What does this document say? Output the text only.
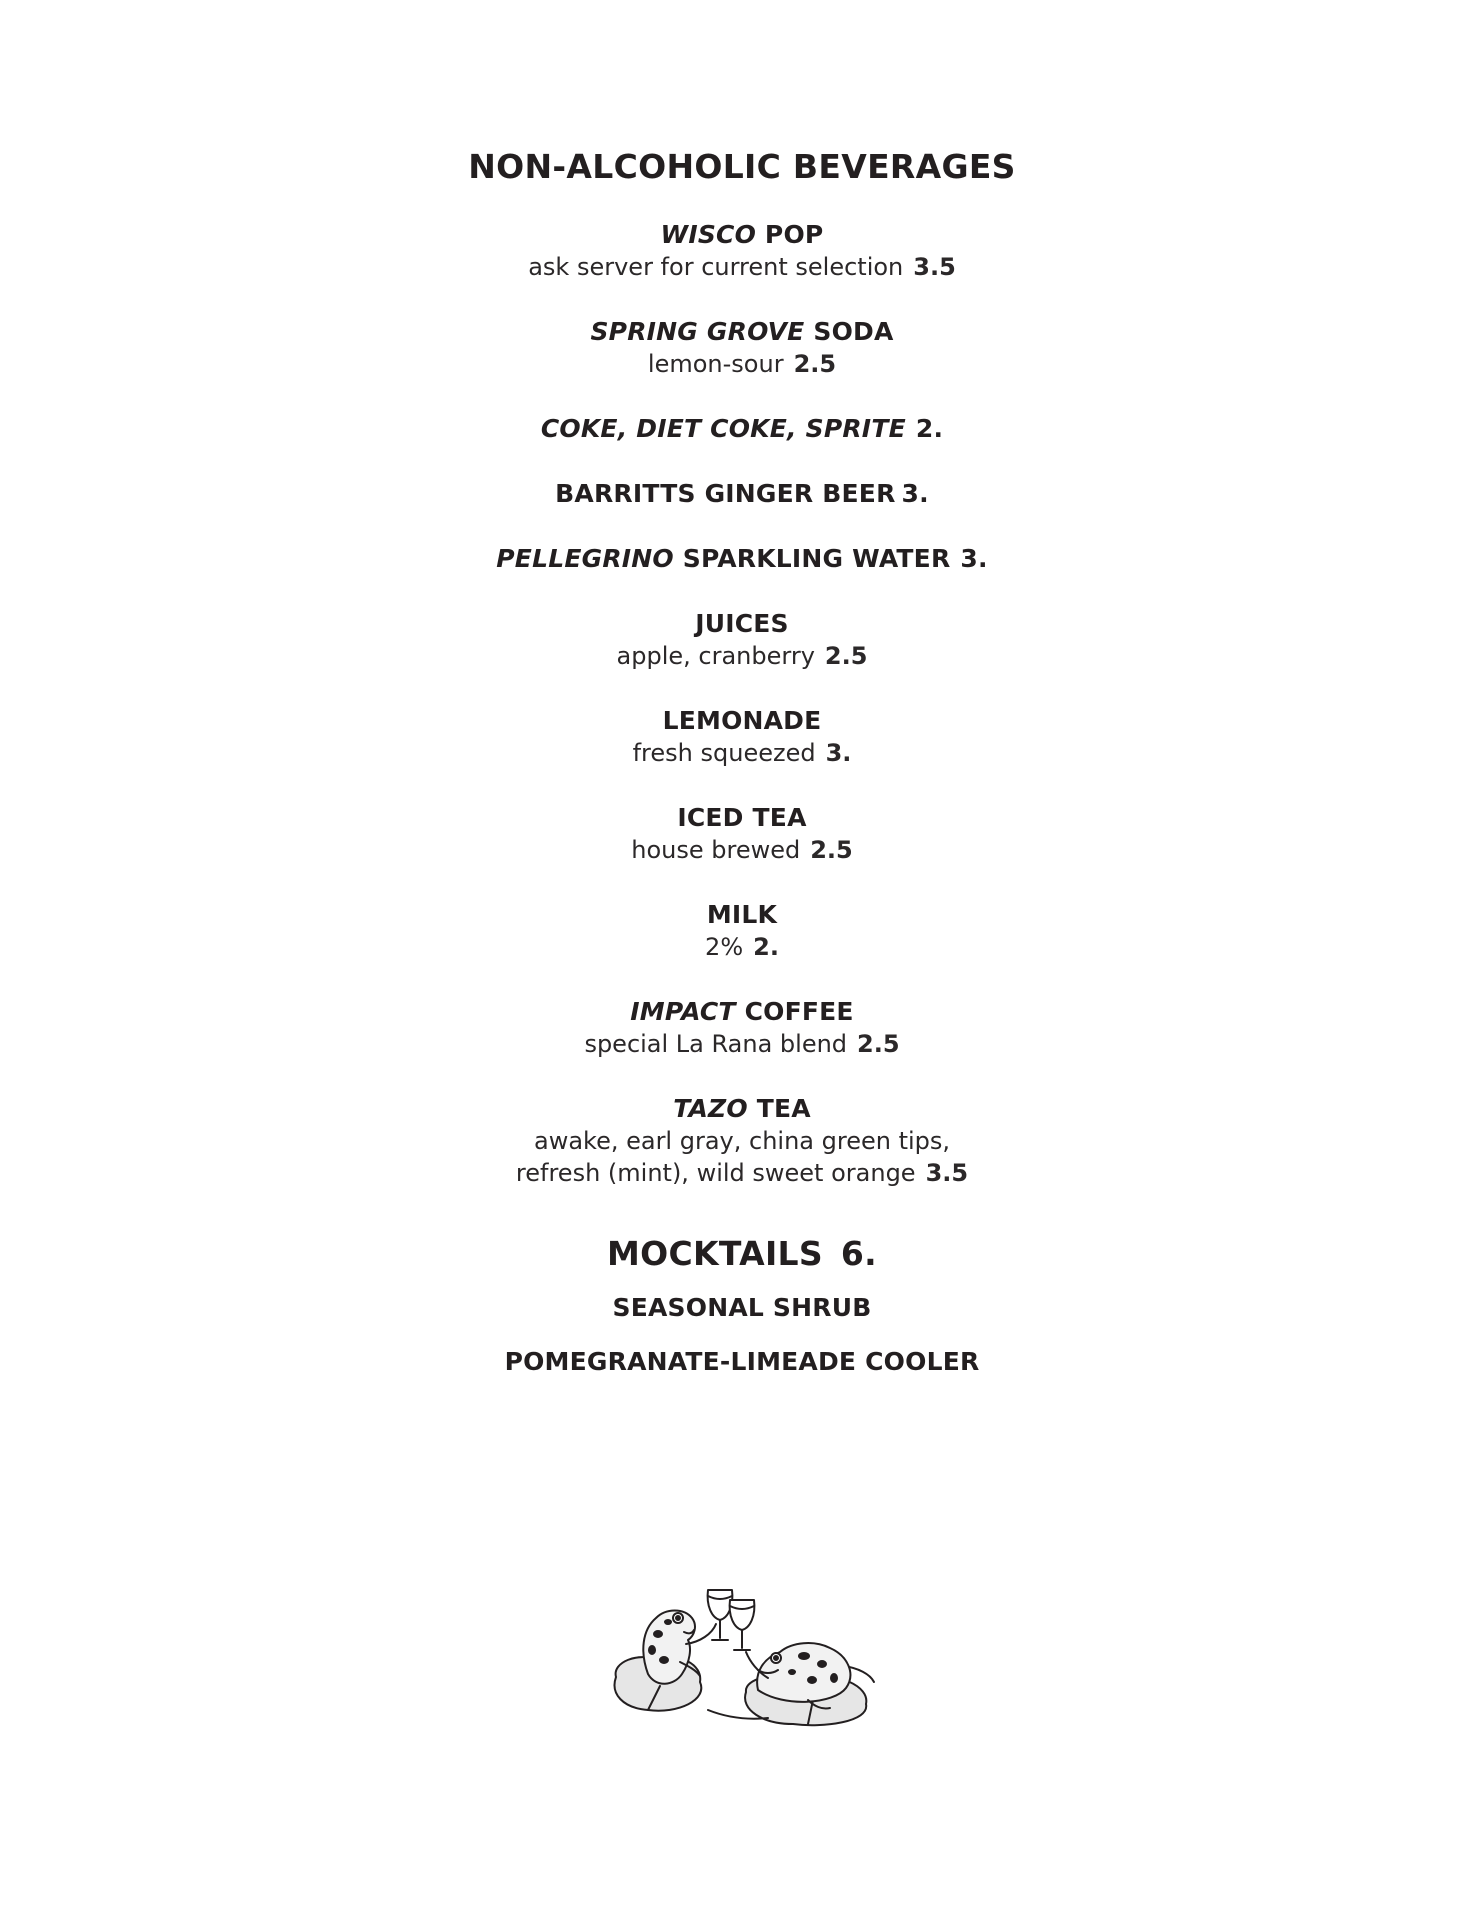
NON-ALCOHOLIC BEVERAGES
WISCO POP
ask server for current selection 3.5
SPRING GROVE SODA
lemon-sour 2.5
COKE, DIET COKE, SPRITE 2.
BARRITTS GINGER BEER 3.
PELLEGRINO SPARKLING WATER 3.
JUICES
apple, cranberry 2.5
LEMONADE
fresh squeezed 3.
ICED TEA
house brewed 2.5
MILK
2% 2.
IMPACT COFFEE
special La Rana blend 2.5
TAZO TEA
awake, earl gray, china green tips,
refresh (mint), wild sweet orange 3.5
MOCKTAILS 6.
SEASONAL SHRUB
POMEGRANATE-LIMEADE COOLER
